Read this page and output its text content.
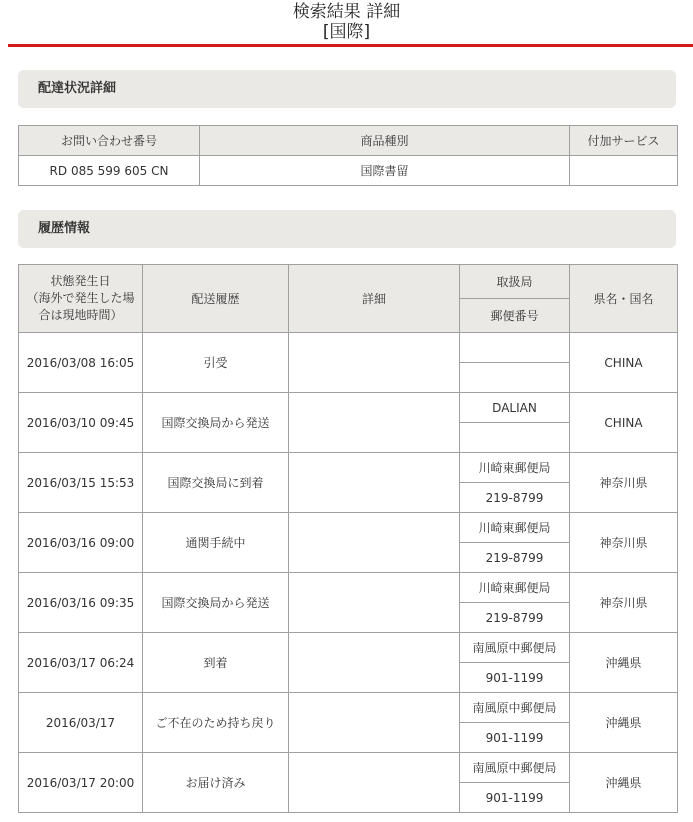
検索結果 詳細
[国際]
配達状況詳細
お問い合わせ番号	商品種別	付加サービス
RD 085 599 605 CN	国際書留	
履歴情報
状態発生日
（海外で発生した場
合は現地時間）	配送履歴	詳細	取扱局	県名・国名
			郵便番号	
2016/03/08 16:05	引受			CHINA

2016/03/10 09:45	国際交換局から発送		DALIAN	CHINA

2016/03/15 15:53	国際交換局に到着		川崎東郵便局	神奈川県
			219-8799	
2016/03/16 09:00	通関手続中		川崎東郵便局	神奈川県
			219-8799	
2016/03/16 09:35	国際交換局から発送		川崎東郵便局	神奈川県
			219-8799	
2016/03/17 06:24	到着		南風原中郵便局	沖縄県
			901-1199	
2016/03/17	ご不在のため持ち戻り		南風原中郵便局	沖縄県
			901-1199	
2016/03/17 20:00	お届け済み		南風原中郵便局	沖縄県
			901-1199	
